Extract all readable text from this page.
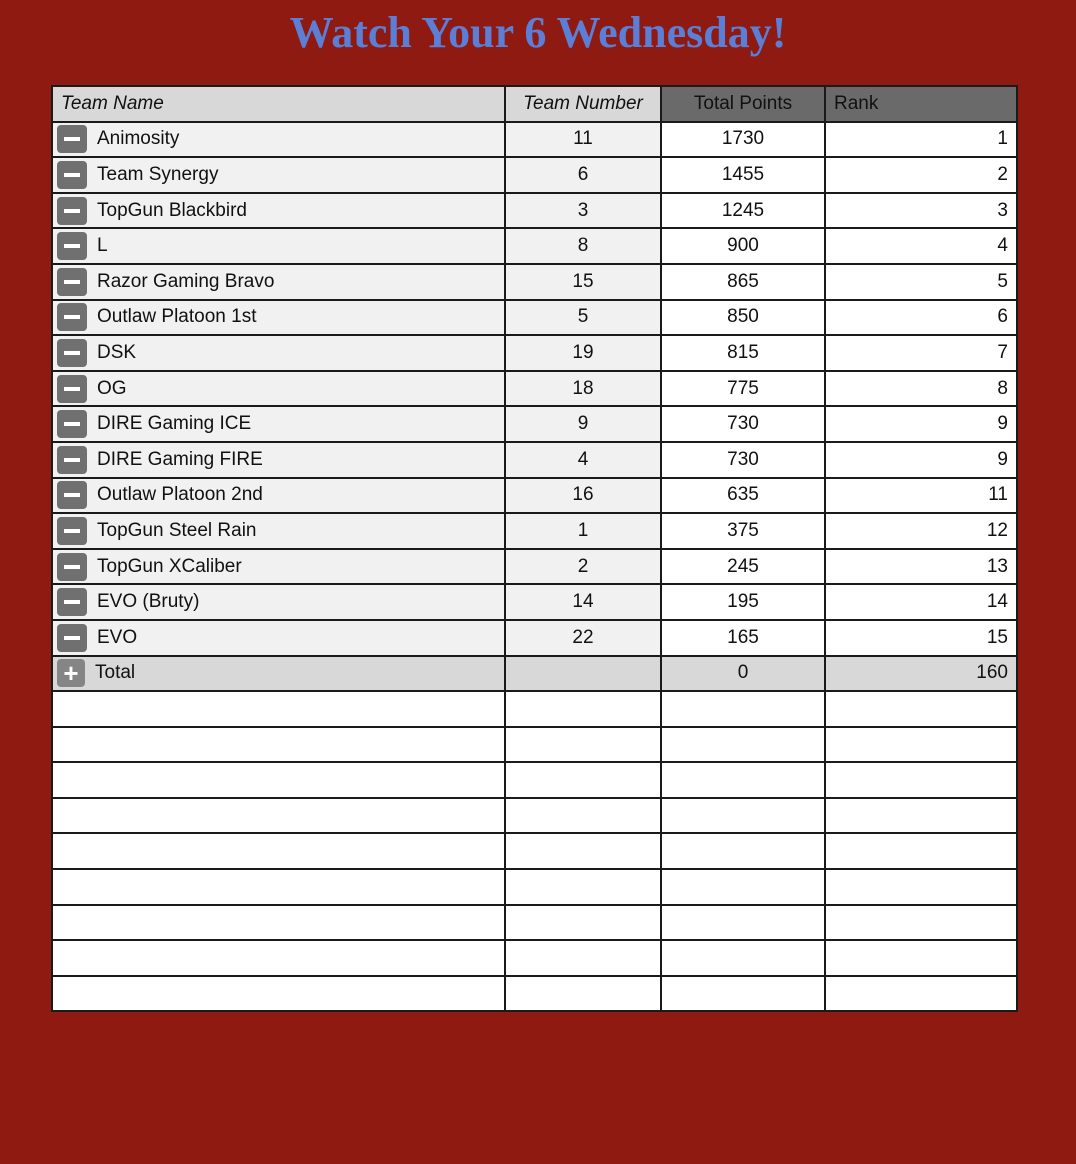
Watch Your 6 Wednesday!
Team Name	Team Number	Total Points	Rank

Animosity	11	1730	1

Team Synergy	6	1455	2

TopGun Blackbird	3	1245	3

L	8	900	4

Razor Gaming Bravo	15	865	5

Outlaw Platoon 1st	5	850	6

DSK	19	815	7

OG	18	775	8

DIRE Gaming ICE	9	730	9

DIRE Gaming FIRE	4	730	9

Outlaw Platoon 2nd	16	635	11

TopGun Steel Rain	1	375	12

TopGun XCaliber	2	245	13

EVO (Bruty)	14	195	14

EVO	22	165	15

+ Total		0	160
